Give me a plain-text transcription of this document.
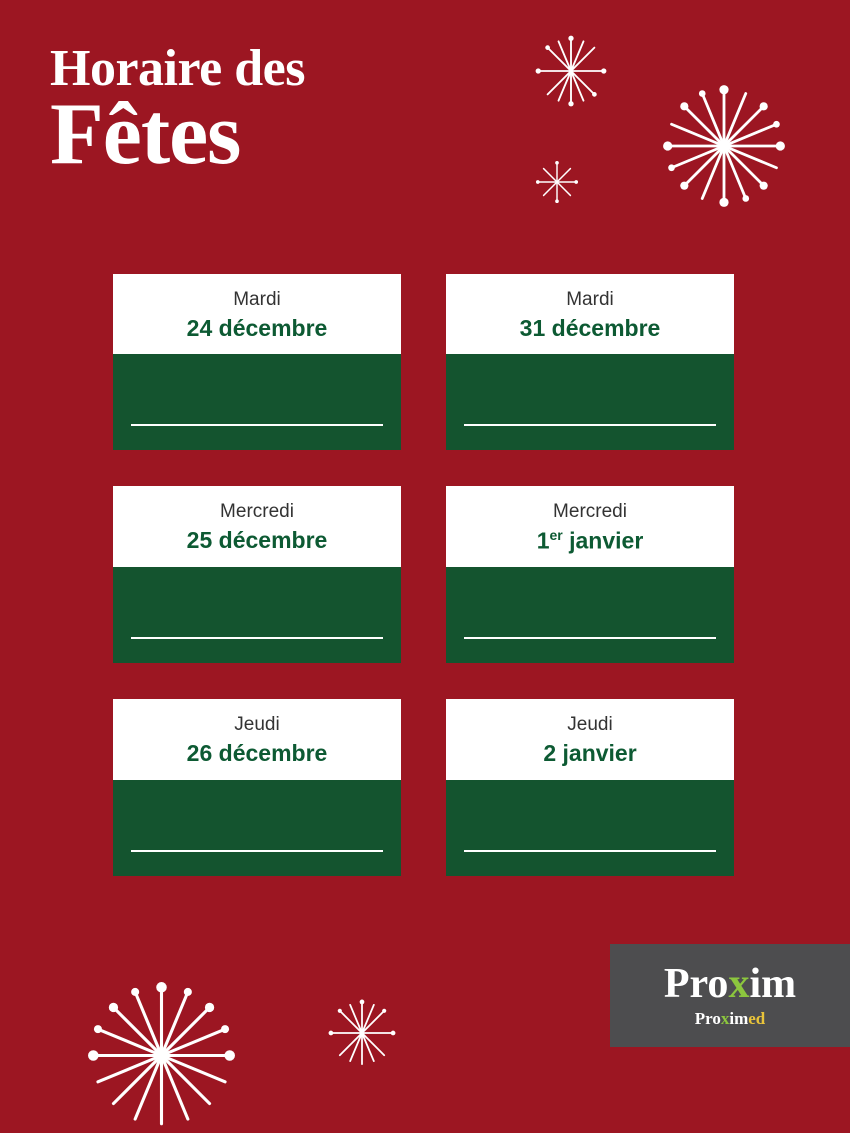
Horaire des
Fêtes
Mardi
24 décembre
Mardi
31 décembre
Mercredi
25 décembre
Mercredi
1er janvier
Jeudi
26 décembre
Jeudi
2 janvier
Proxim
Proximed
